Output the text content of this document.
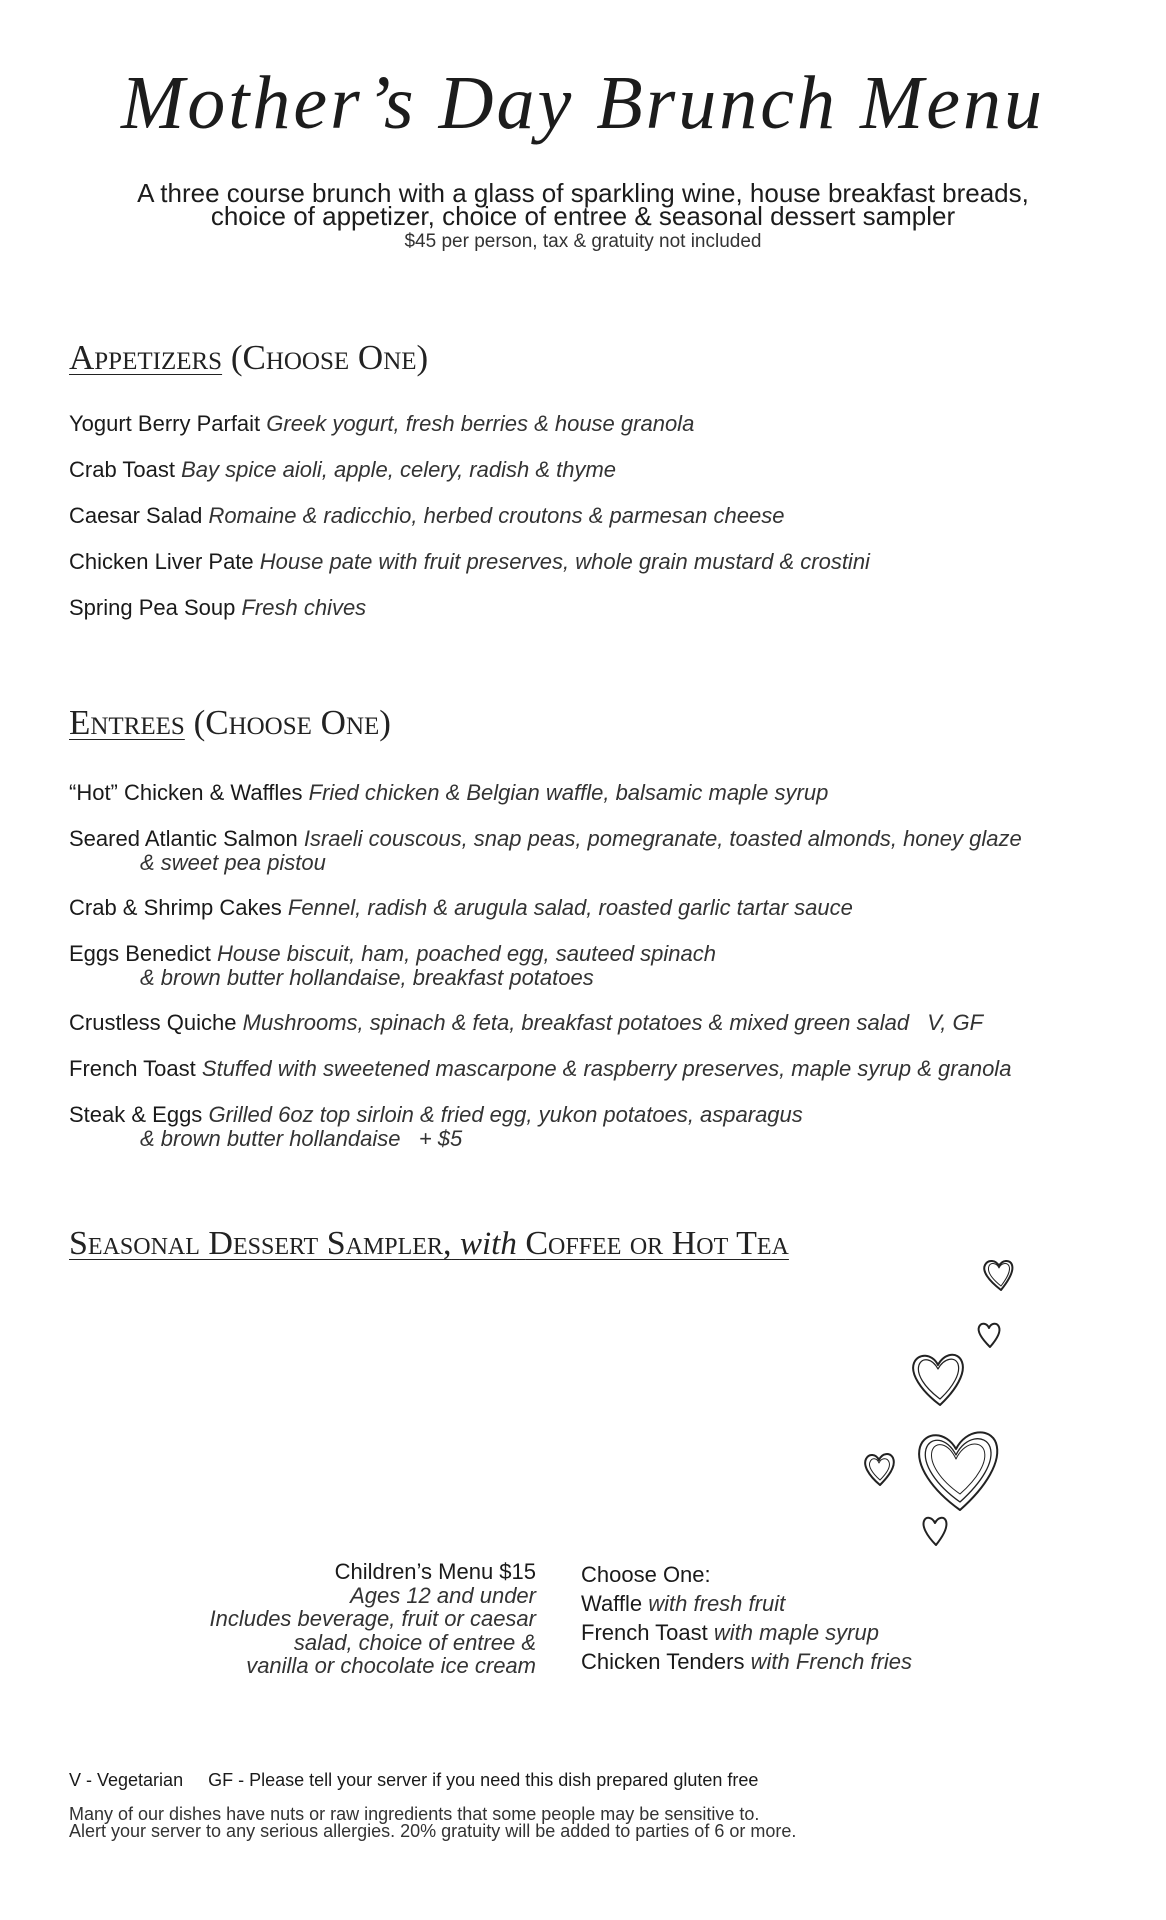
Mother’s Day Brunch Menu
A three course brunch with a glass of sparkling wine, house breakfast breads,
choice of appetizer, choice of entree & seasonal dessert sampler
$45 per person, tax & gratuity not included
Appetizers (Choose One)
Yogurt Berry Parfait Greek yogurt, fresh berries & house granola
Crab Toast Bay spice aioli, apple, celery, radish & thyme
Caesar Salad Romaine & radicchio, herbed croutons & parmesan cheese
Chicken Liver Pate House pate with fruit preserves, whole grain mustard & crostini
Spring Pea Soup Fresh chives
Entrees (Choose One)
“Hot” Chicken & Waffles Fried chicken & Belgian waffle, balsamic maple syrup
Seared Atlantic Salmon Israeli couscous, snap peas, pomegranate, toasted almonds, honey glaze
& sweet pea pistou
Crab & Shrimp Cakes Fennel, radish & arugula salad, roasted garlic tartar sauce
Eggs Benedict House biscuit, ham, poached egg, sauteed spinach
& brown butter hollandaise, breakfast potatoes
Crustless Quiche Mushrooms, spinach & feta, breakfast potatoes & mixed green salad V, GF
French Toast Stuffed with sweetened mascarpone & raspberry preserves, maple syrup & granola
Steak & Eggs Grilled 6oz top sirloin & fried egg, yukon potatoes, asparagus
& brown butter hollandaise   + $5
Seasonal Dessert Sampler, with Coffee or Hot Tea
Children’s Menu $15
Ages 12 and under
Includes beverage, fruit or caesar
salad, choice of entree &
vanilla or chocolate ice cream
Choose One:
Waffle with fresh fruit
French Toast with maple syrup
Chicken Tenders with French fries
V - Vegetarian GF - Please tell your server if you need this dish prepared gluten free
Many of our dishes have nuts or raw ingredients that some people may be sensitive to.
Alert your server to any serious allergies. 20% gratuity will be added to parties of 6 or more.
